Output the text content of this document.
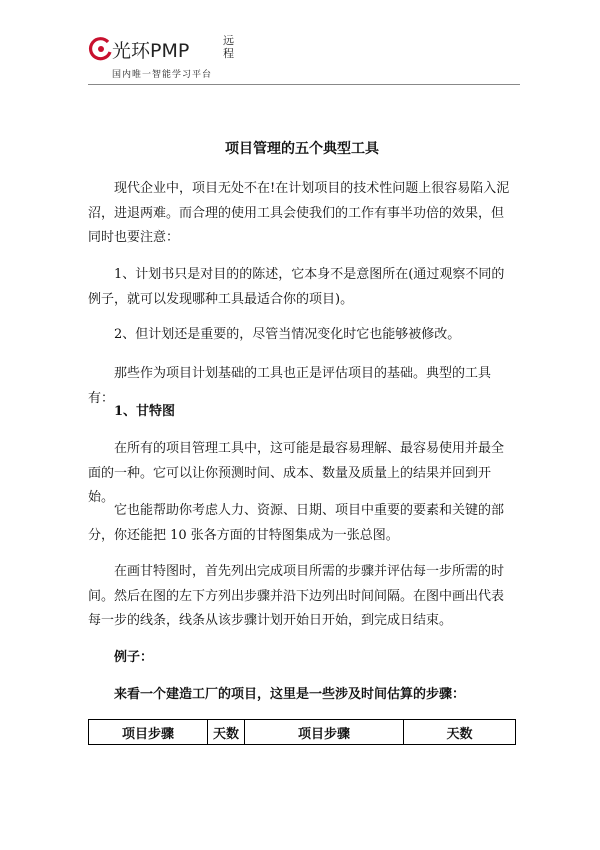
光环PMP	远程
国内唯一智能学习平台
项目管理的五个典型工具

现代企业中，项目无处不在!在计划项目的技术性问题上很容易陷入泥沼，进退两难。而合理的使用工具会使我们的工作有事半功倍的效果，但同时也要注意：

1、计划书只是对目的的陈述，它本身不是意图所在(通过观察不同的例子，就可以发现哪种工具最适合你的项目)。

2、但计划还是重要的，尽管当情况变化时它也能够被修改。

那些作为项目计划基础的工具也正是评估项目的基础。典型的工具有：

1、甘特图

在所有的项目管理工具中，这可能是最容易理解、最容易使用并最全面的一种。它可以让你预测时间、成本、数量及质量上的结果并回到开始。

它也能帮助你考虑人力、资源、日期、项目中重要的要素和关键的部分，你还能把 10 张各方面的甘特图集成为一张总图。

在画甘特图时，首先列出完成项目所需的步骤并评估每一步所需的时间。然后在图的左下方列出步骤并沿下边列出时间间隔。在图中画出代表每一步的线条，线条从该步骤计划开始日开始，到完成日结束。

例子：

来看一个建造工厂的项目，这里是一些涉及时间估算的步骤：

项目步骤	天数	项目步骤	天数
